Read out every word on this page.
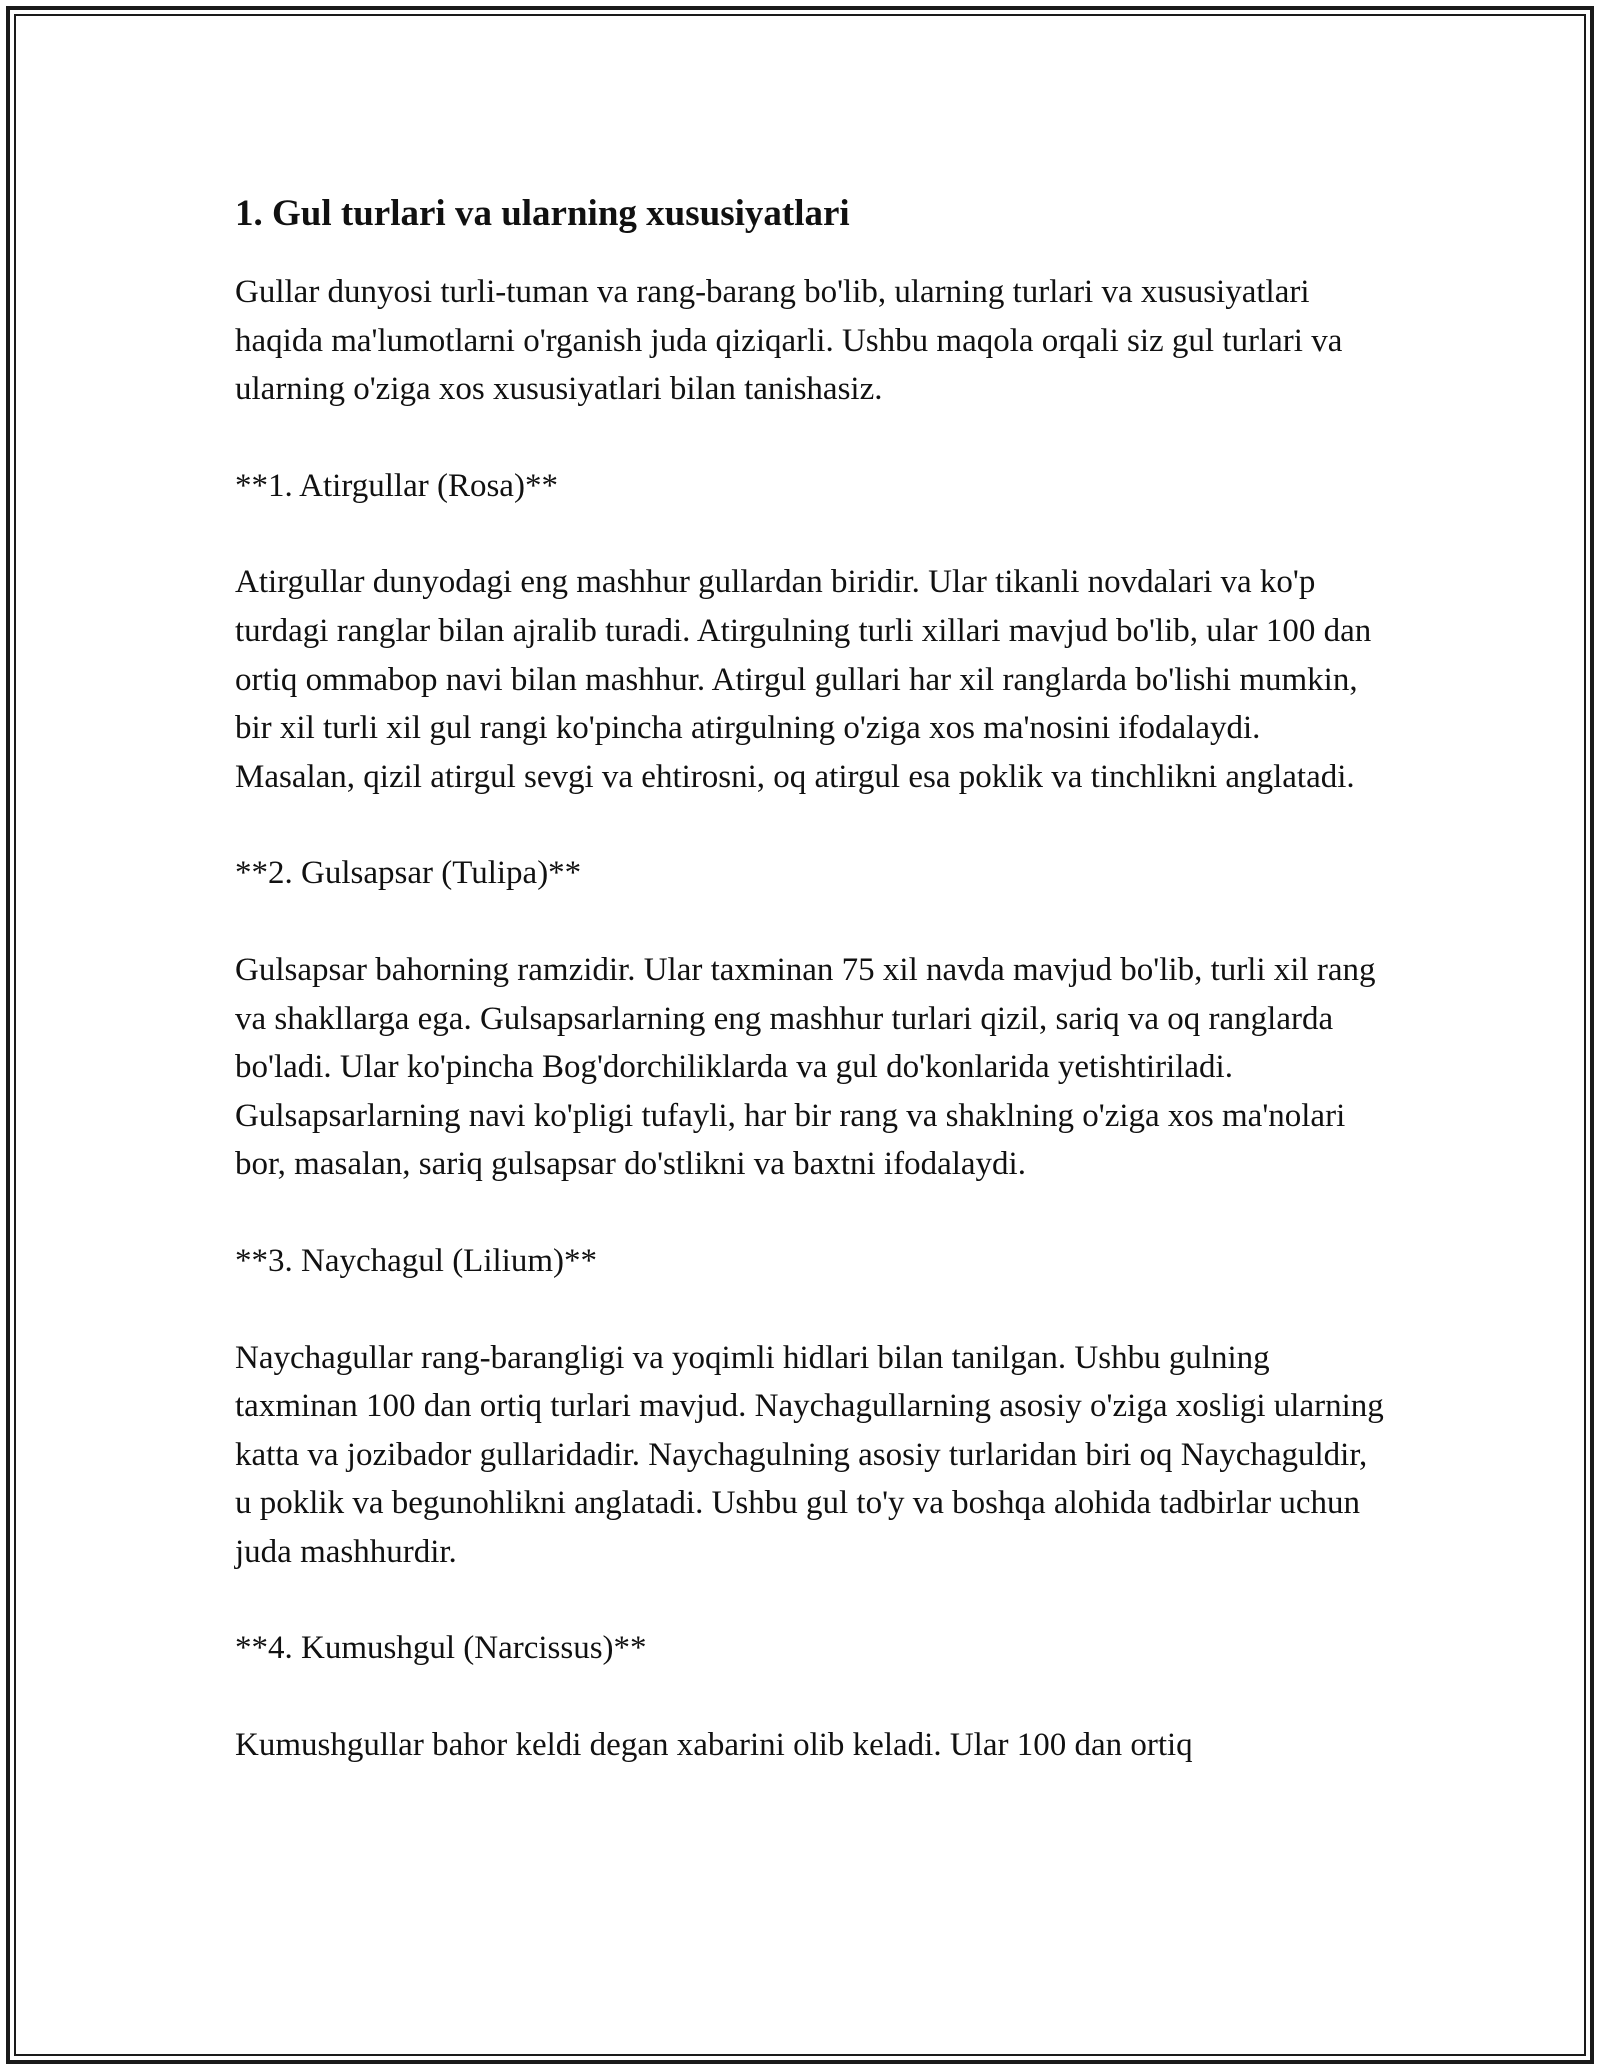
1. Gul turlari va ularning xususiyatlari

Gullar dunyosi turli-tuman va rang-barang bo'lib, ularning turlari va xususiyatlari haqida ma'lumotlarni o'rganish juda qiziqarli. Ushbu maqola orqali siz gul turlari va ularning o'ziga xos xususiyatlari bilan tanishasiz.

**1. Atirgullar (Rosa)**

Atirgullar dunyodagi eng mashhur gullardan biridir. Ular tikanli novdalari va ko'p turdagi ranglar bilan ajralib turadi. Atirgulning turli xillari mavjud bo'lib, ular 100 dan ortiq ommabop navi bilan mashhur. Atirgul gullari har xil ranglarda bo'lishi mumkin, bir xil turli xil gul rangi ko'pincha atirgulning o'ziga xos ma'nosini ifodalaydi. Masalan, qizil atirgul sevgi va ehtirosni, oq atirgul esa poklik va tinchlikni anglatadi.

**2. Gulsapsar (Tulipa)**

Gulsapsar bahorning ramzidir. Ular taxminan 75 xil navda mavjud bo'lib, turli xil rang va shakllarga ega. Gulsapsarlarning eng mashhur turlari qizil, sariq va oq ranglarda bo'ladi. Ular ko'pincha Bog'dorchiliklarda va gul do'konlarida yetishtiriladi. Gulsapsarlarning navi ko'pligi tufayli, har bir rang va shaklning o'ziga xos ma'nolari bor, masalan, sariq gulsapsar do'stlikni va baxtni ifodalaydi.

**3. Naychagul (Lilium)**

Naychagullar rang-barangligi va yoqimli hidlari bilan tanilgan. Ushbu gulning taxminan 100 dan ortiq turlari mavjud. Naychagullarning asosiy o'ziga xosligi ularning katta va jozibador gullaridadir. Naychagulning asosiy turlaridan biri oq Naychaguldir, u poklik va begunohlikni anglatadi. Ushbu gul to'y va boshqa alohida tadbirlar uchun juda mashhurdir.

**4. Kumushgul (Narcissus)**

Kumushgullar bahor keldi degan xabarini olib keladi. Ular 100 dan ortiq
